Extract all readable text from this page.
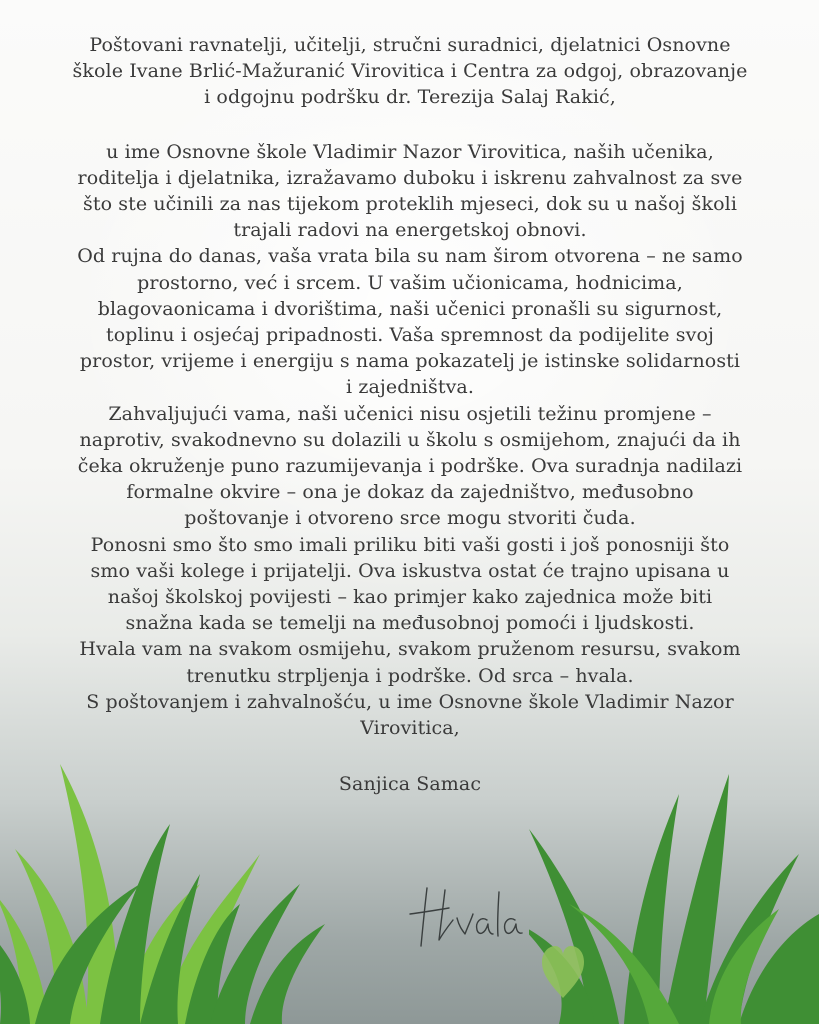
Poštovani ravnatelji, učitelji, stručni suradnici, djelatnici Osnovne
škole Ivane Brlić-Mažuranić Virovitica i Centra za odgoj, obrazovanje
i odgojnu podršku dr. Terezija Salaj Rakić,

u ime Osnovne škole Vladimir Nazor Virovitica, naših učenika,
roditelja i djelatnika, izražavamo duboku i iskrenu zahvalnost za sve
što ste učinili za nas tijekom proteklih mjeseci, dok su u našoj školi
trajali radovi na energetskoj obnovi.

Od rujna do danas, vaša vrata bila su nam širom otvorena – ne samo
prostorno, već i srcem. U vašim učionicama, hodnicima,
blagovaonicama i dvorištima, naši učenici pronašli su sigurnost,
toplinu i osjećaj pripadnosti. Vaša spremnost da podijelite svoj
prostor, vrijeme i energiju s nama pokazatelj je istinske solidarnosti
i zajedništva.

Zahvaljujući vama, naši učenici nisu osjetili težinu promjene –
naprotiv, svakodnevno su dolazili u školu s osmijehom, znajući da ih
čeka okruženje puno razumijevanja i podrške. Ova suradnja nadilazi
formalne okvire – ona je dokaz da zajedništvo, međusobno
poštovanje i otvoreno srce mogu stvoriti čuda.

Ponosni smo što smo imali priliku biti vaši gosti i još ponosniji što
smo vaši kolege i prijatelji. Ova iskustva ostat će trajno upisana u
našoj školskoj povijesti – kao primjer kako zajednica može biti
snažna kada se temelji na međusobnoj pomoći i ljudskosti.

Hvala vam na svakom osmijehu, svakom pruženom resursu, svakom
trenutku strpljenja i podrške. Od srca – hvala.

S poštovanjem i zahvalnošću, u ime Osnovne škole Vladimir Nazor
Virovitica,

Sanjica Samac
